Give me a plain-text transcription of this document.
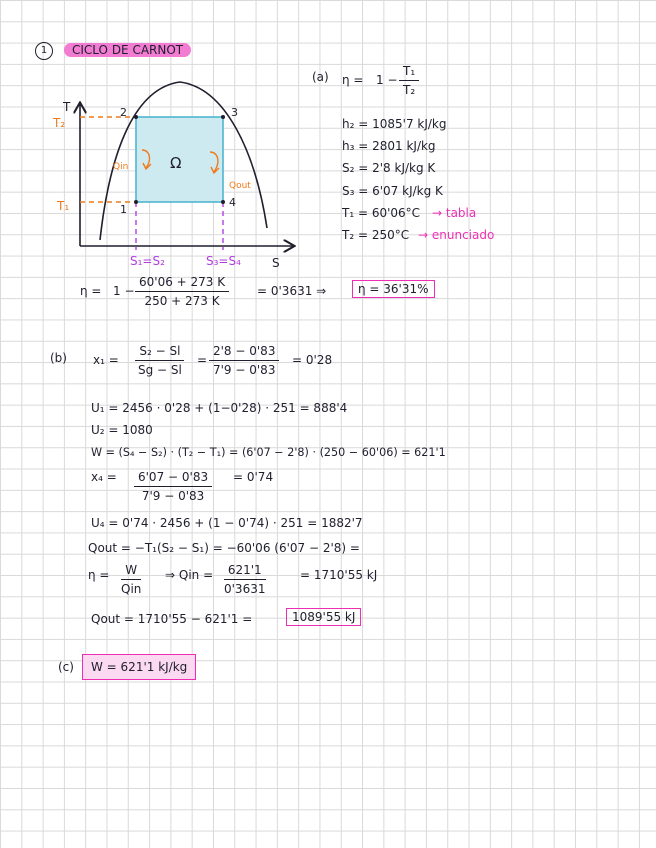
1	CICLO DE CARNOT
T
S
T₂
T₁	1
2	3
4
Qin
Qout
Ω
S₁=S₂	S₃=S₄
(a) $\eta = 1 - \frac{\text{T₁}}{\text{T₂}}$
h₂ = 1085'7 kJ/kg
h₃ = 2801 kJ/kg
S₂ = 2'8 kJ/kg K
S₃ = 6'07 kJ/kg K
T₁ = 60'06°C → tabla
T₂ = 250°C → enunciado
$\eta = 1 - \frac{60'06 + 273 K}{250 + 273 K} = 0'3631$ ⇒	η = 36'31%
(b) $x_1 = \frac{\text{S₂ − Sl}}{Sg - Sl} = \frac{2'8 - 0'83}{7'9 - 0'83} = 0'28$
U₁ = 2456 · 0'28 + (1−0'28) · 251 = 888'4
U₂ = 1080
W = (S₄ − S₂) · (T₂ − T₁) = (6'07 − 2'8) · (250 − 60'06) = 621'1
$x_4 = \frac{6'07 - 0'83}{7'9 - 0'83} = 0'74$
U₄ = 0'74 · 2456 + (1 − 0'74) · 251 = 1882'7
Qout = −T₁(S₂ − S₁) = −60'06 (6'07 − 2'8) =
η =	W
Qin
⇒ Qin = $\frac{621'1}{0'3631}$	= 1710'55 kJ
Qout = 1710'55 − 621'1 =	1089'55 kJ
(c)	W = 621'1 kJ/kg
